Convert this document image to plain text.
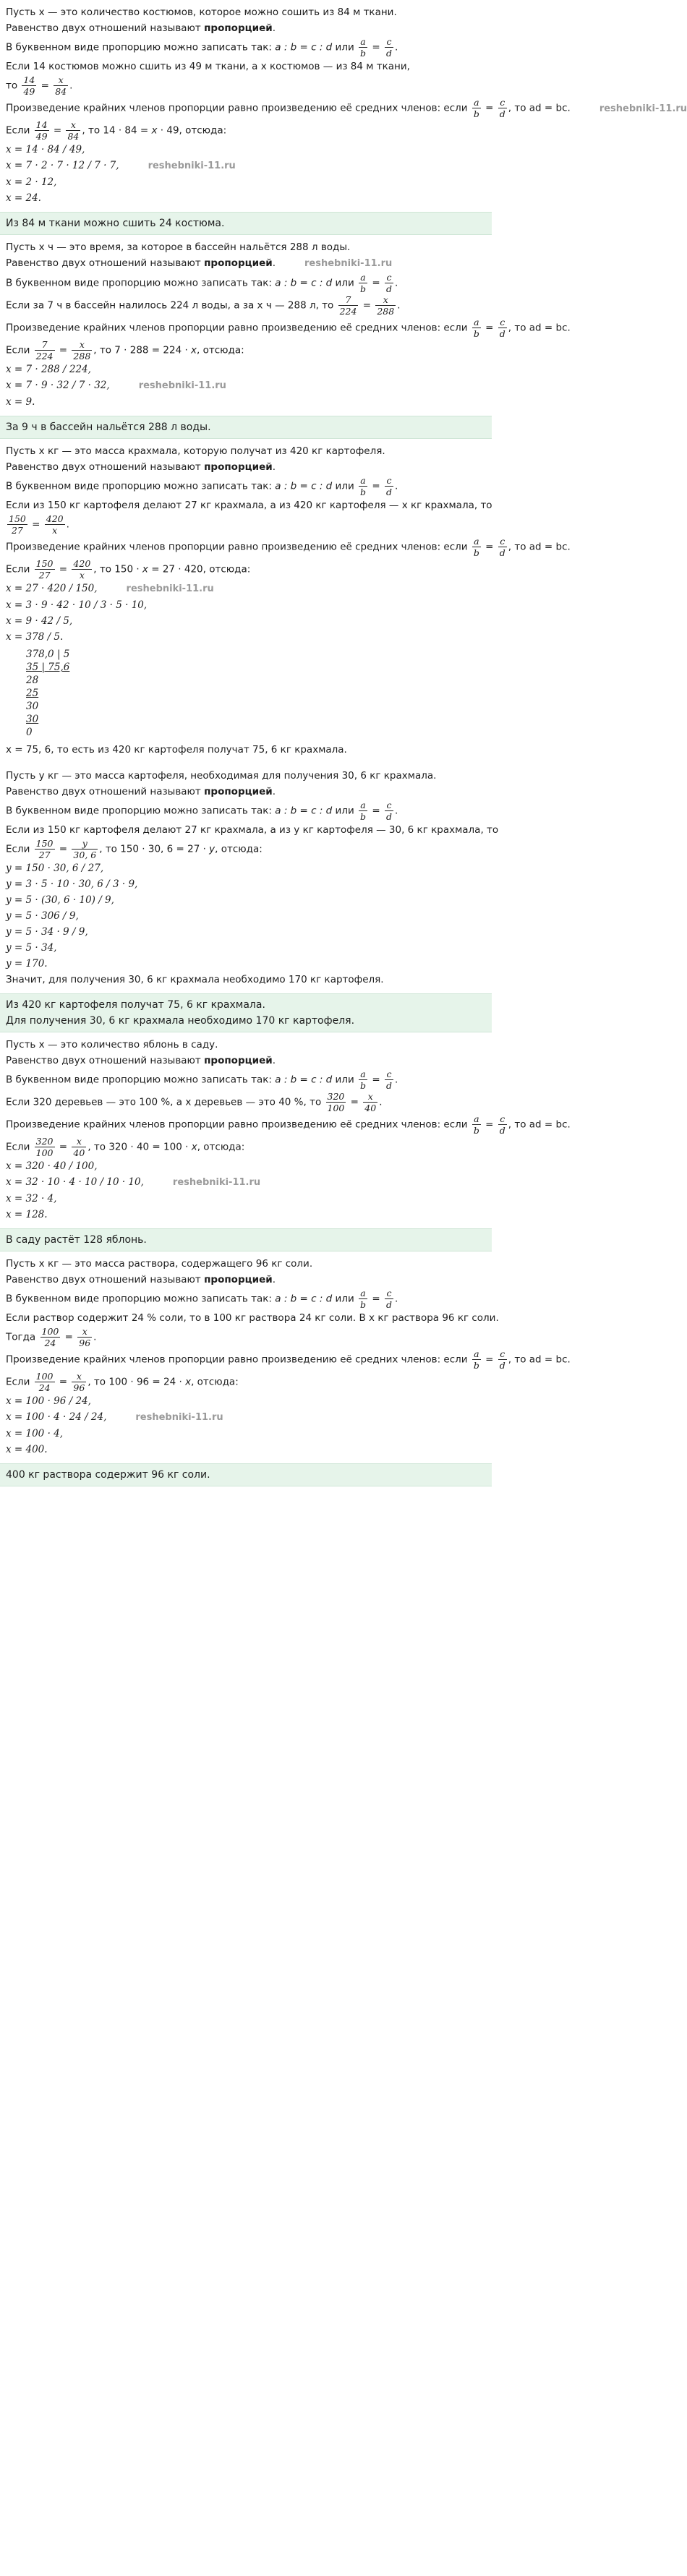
Пусть x — это количество костюмов, которое можно сошить из 84 м ткани.

Равенство двух отношений называют пропорцией.

В буквенном виде пропорцию можно записать так: a : b = c : d или $\frac{a}{b} = \frac{c}{d}$ .

Если 14 костюмов можно сшить из 49 м ткани, а x костюмов — из 84 м ткани,

то $\frac{14}{49} = \frac{x}{84}$ .

Произведение крайних членов пропорции равно произведению её средних членов: если $\frac{a}{b} = \frac{c}{d}$ , то ad = bc.	reshebniki-11.ru

Если $\frac{14}{49} = \frac{x}{84}$ , то 14 · 84 = x · 49, отсюда:

x = 14 · 84 / 49,

x = 7 · 2 · 7 · 12 / 7 · 7,	reshebniki-11.ru

x = 2 · 12,

x = 24.

Из 84 м ткани можно сшить 24 костюма.

Пусть x ч — это время, за которое в бассейн нальётся 288 л воды.

Равенство двух отношений называют пропорцией.	reshebniki-11.ru

В буквенном виде пропорцию можно записать так: a : b = c : d или $\frac{a}{b} = \frac{c}{d}$ .

Если за 7 ч в бассейн налилось 224 л воды, а за x ч — 288 л, то $\frac{7}{224} = \frac{x}{288}$ .

Произведение крайних членов пропорции равно произведению её средних членов: если $\frac{a}{b} = \frac{c}{d}$ , то ad = bc.

Если $\frac{7}{224} = \frac{x}{288}$ , то 7 · 288 = 224 · x, отсюда:

x = 7 · 288 / 224,

x = 7 · 9 · 32 / 7 · 32,	reshebniki-11.ru

x = 9.

За 9 ч в бассейн нальётся 288 л воды.

Пусть x кг — это масса крахмала, которую получат из 420 кг картофеля.

Равенство двух отношений называют пропорцией.

В буквенном виде пропорцию можно записать так: a : b = c : d или $\frac{a}{b} = \frac{c}{d}$ .

Если из 150 кг картофеля делают 27 кг крахмала, а из 420 кг картофеля — x кг крахмала, то

$\frac{150}{27} = \frac{420}{x}$ .

Произведение крайних членов пропорции равно произведению её средних членов: если $\frac{a}{b} = \frac{c}{d}$ , то ad = bc.

Если $\frac{150}{27} = \frac{420}{x}$ , то 150 · x = 27 · 420, отсюда:

x = 27 · 420 / 150,	reshebniki-11.ru

x = 3 · 9 · 42 · 10 / 3 · 5 · 10,

x = 9 · 42 / 5,

x = 378 / 5.

378,0 | 5
35 | 75,6
28
25
30
30
0

x = 75, 6, то есть из 420 кг картофеля получат 75, 6 кг крахмала.

Пусть y кг — это масса картофеля, необходимая для получения 30, 6 кг крахмала.

Равенство двух отношений называют пропорцией.

В буквенном виде пропорцию можно записать так: a : b = c : d или $\frac{a}{b} = \frac{c}{d}$ .

Если из 150 кг картофеля делают 27 кг крахмала, а из y кг картофеля — 30, 6 кг крахмала, то

Если $\frac{150}{27} = \frac{y}{30, 6}$ , то 150 · 30, 6 = 27 · y, отсюда:

y = 150 · 30, 6 / 27,

y = 3 · 5 · 10 · 30, 6 / 3 · 9,

y = 5 · (30, 6 · 10) / 9,

y = 5 · 306 / 9,

y = 5 · 34 · 9 / 9,

y = 5 · 34,

y = 170.

Значит, для получения 30, 6 кг крахмала необходимо 170 кг картофеля.

Из 420 кг картофеля получат 75, 6 кг крахмала.
Для получения 30, 6 кг крахмала необходимо 170 кг картофеля.

Пусть x — это количество яблонь в саду.

Равенство двух отношений называют пропорцией.

В буквенном виде пропорцию можно записать так: a : b = c : d или $\frac{a}{b} = \frac{c}{d}$ .

Если 320 деревьев — это 100 %, а x деревьев — это 40 %, то $\frac{320}{100} = \frac{x}{40}$ .

Произведение крайних членов пропорции равно произведению её средних членов: если $\frac{a}{b} = \frac{c}{d}$ , то ad = bc.

Если $\frac{320}{100} = \frac{x}{40}$ , то 320 · 40 = 100 · x, отсюда:

x = 320 · 40 / 100,

x = 32 · 10 · 4 · 10 / 10 · 10,	reshebniki-11.ru

x = 32 · 4,

x = 128.

В саду растёт 128 яблонь.

Пусть x кг — это масса раствора, содержащего 96 кг соли.

Равенство двух отношений называют пропорцией.

В буквенном виде пропорцию можно записать так: a : b = c : d или $\frac{a}{b} = \frac{c}{d}$ .

Если раствор содержит 24 % соли, то в 100 кг раствора 24 кг соли. В x кг раствора 96 кг соли.

Тогда $\frac{100}{24} = \frac{x}{96}$ .

Произведение крайних членов пропорции равно произведению её средних членов: если $\frac{a}{b} = \frac{c}{d}$ , то ad = bc.

Если $\frac{100}{24} = \frac{x}{96}$ , то 100 · 96 = 24 · x, отсюда:

x = 100 · 96 / 24,

x = 100 · 4 · 24 / 24,	reshebniki-11.ru

x = 100 · 4,

x = 400.

400 кг раствора содержит 96 кг соли.
